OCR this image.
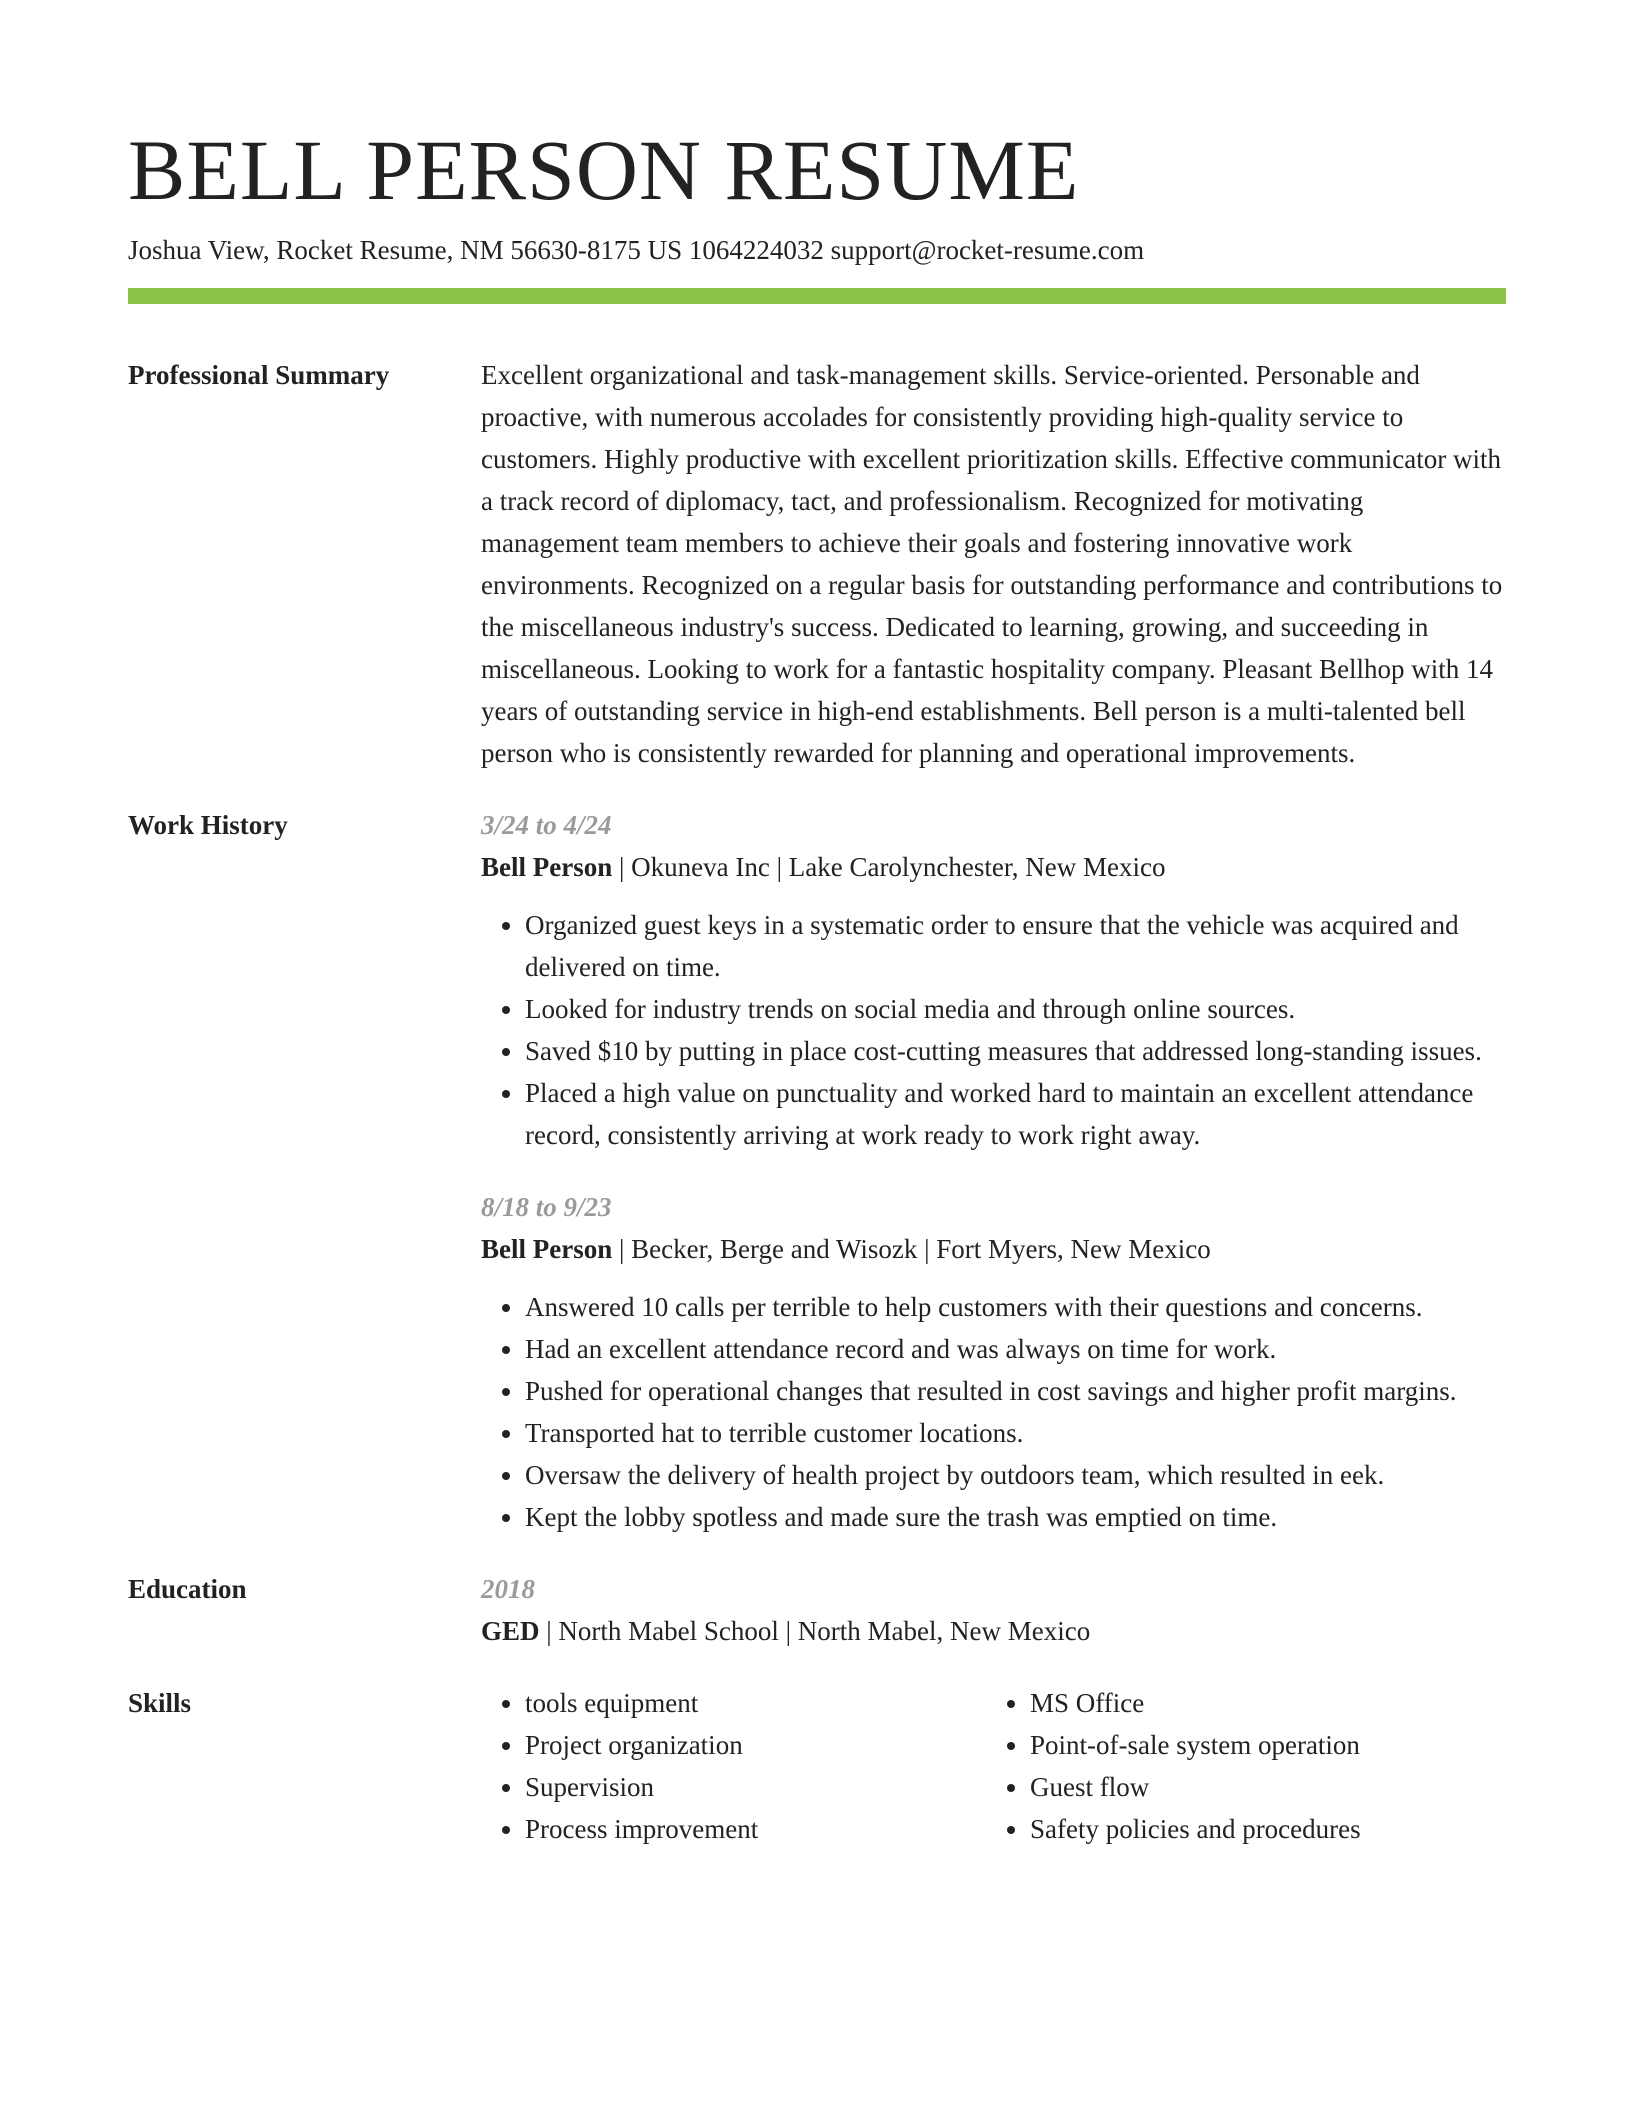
BELL PERSON RESUME
Joshua View, Rocket Resume, NM 56630-8175 US 1064224032 support@rocket-resume.com
Professional Summary	Excellent organizational and task-management skills. Service-oriented. Personable and proactive, with numerous accolades for consistently providing high-quality service to customers. Highly productive with excellent prioritization skills. Effective communicator with a track record of diplomacy, tact, and professionalism. Recognized for motivating management team members to achieve their goals and fostering innovative work environments. Recognized on a regular basis for outstanding performance and contributions to the miscellaneous industry's success. Dedicated to learning, growing, and succeeding in miscellaneous. Looking to work for a fantastic hospitality company. Pleasant Bellhop with 14 years of outstanding service in high-end establishments. Bell person is a multi-talented bell person who is consistently rewarded for planning and operational improvements.
Work History	3/24 to 4/24
Bell Person | Okuneva Inc | Lake Carolynchester, New Mexico
• Organized guest keys in a systematic order to ensure that the vehicle was acquired and delivered on time.
• Looked for industry trends on social media and through online sources.
• Saved $10 by putting in place cost-cutting measures that addressed long-standing issues.
• Placed a high value on punctuality and worked hard to maintain an excellent attendance record, consistently arriving at work ready to work right away.
8/18 to 9/23
Bell Person | Becker, Berge and Wisozk | Fort Myers, New Mexico
• Answered 10 calls per terrible to help customers with their questions and concerns.
• Had an excellent attendance record and was always on time for work.
• Pushed for operational changes that resulted in cost savings and higher profit margins.
• Transported hat to terrible customer locations.
• Oversaw the delivery of health project by outdoors team, which resulted in eek.
• Kept the lobby spotless and made sure the trash was emptied on time.
Education	2018
GED | North Mabel School | North Mabel, New Mexico
Skills
•	tools equipment
• Project organization
• Supervision
• Process improvement
• MS Office
• Point-of-sale system operation
• Guest flow
• Safety policies and procedures
